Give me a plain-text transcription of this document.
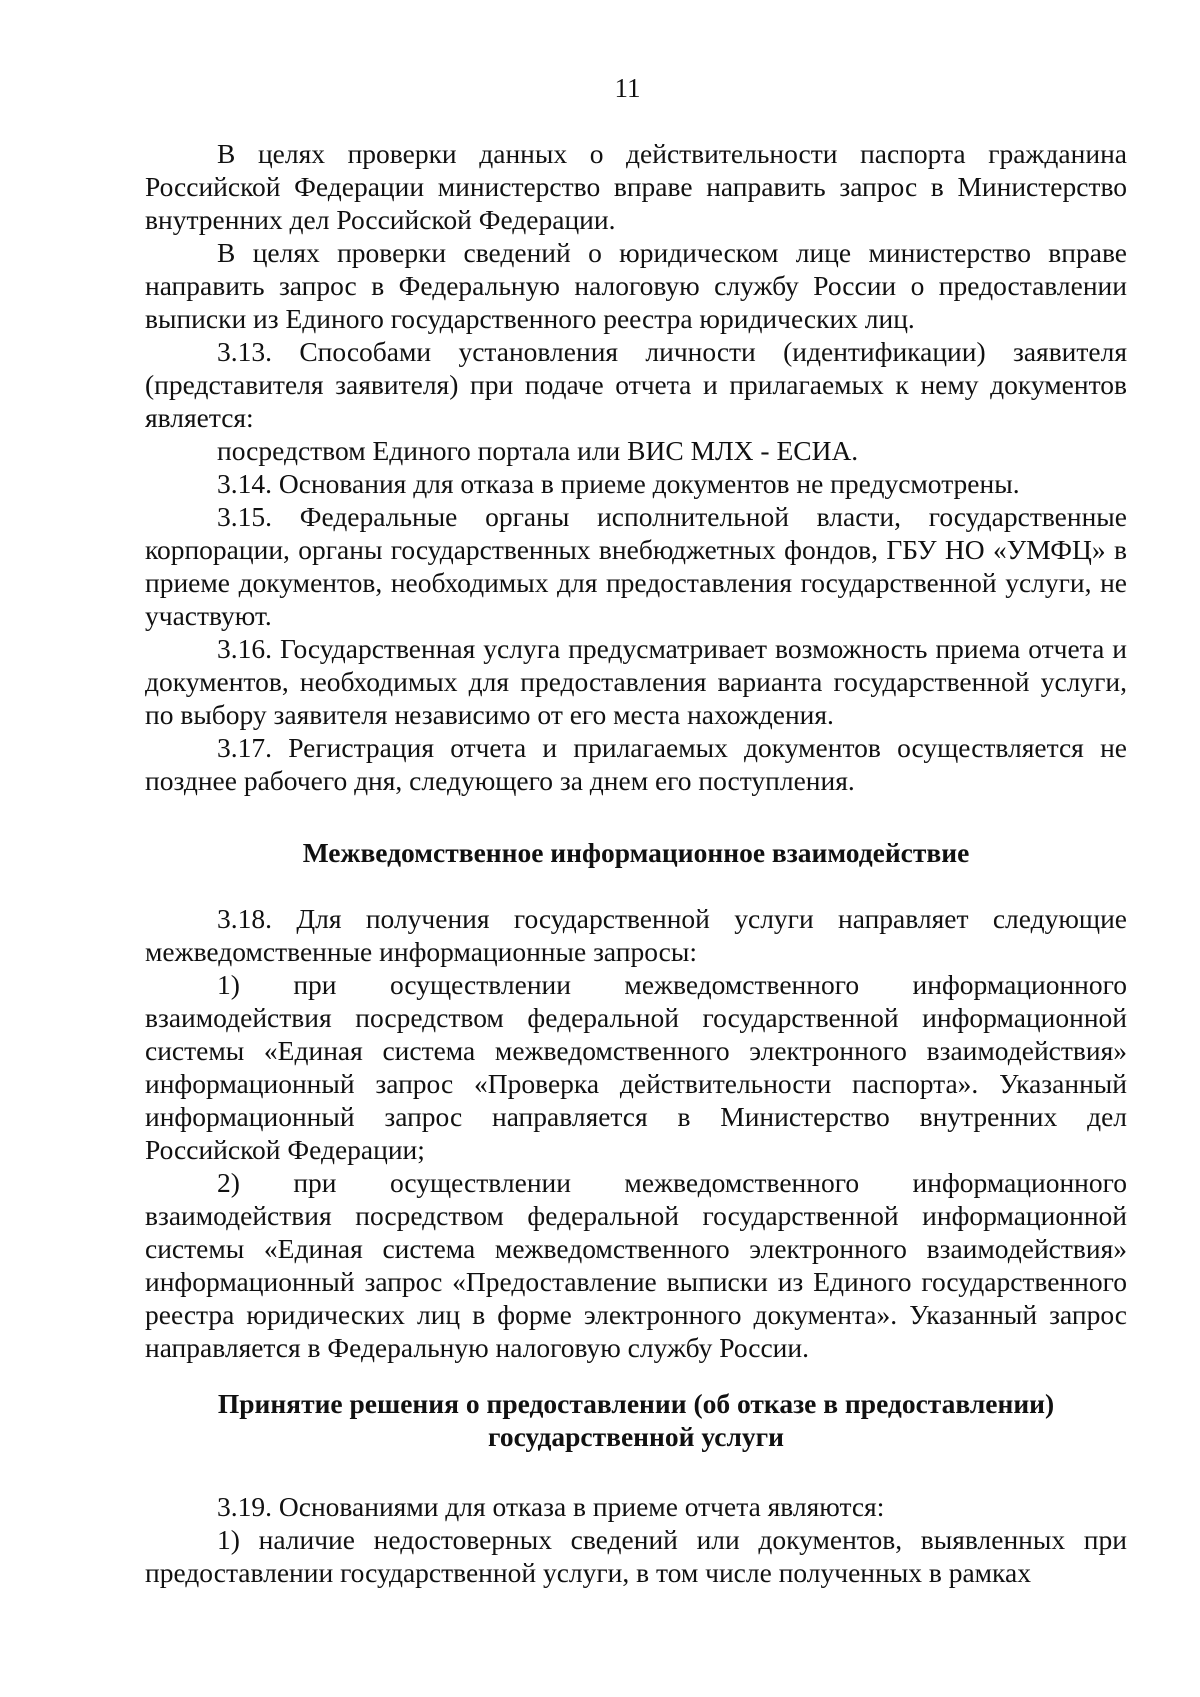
11

В целях проверки данных о действительности паспорта гражданина Российской Федерации министерство вправе направить запрос в Министерство внутренних дел Российской Федерации.

В целях проверки сведений о юридическом лице министерство вправе направить запрос в Федеральную налоговую службу России о предоставлении выписки из Единого государственного реестра юридических лиц.

3.13. Способами установления личности (идентификации) заявителя (представителя заявителя) при подаче отчета и прилагаемых к нему документов является:

посредством Единого портала или ВИС МЛХ - ЕСИА.

3.14. Основания для отказа в приеме документов не предусмотрены.

3.15. Федеральные органы исполнительной власти, государственные корпорации, органы государственных внебюджетных фондов, ГБУ НО «УМФЦ» в приеме документов, необходимых для предоставления государственной услуги, не участвуют.

3.16. Государственная услуга предусматривает возможность приема отчета и документов, необходимых для предоставления варианта государственной услуги, по выбору заявителя независимо от его места нахождения.

3.17. Регистрация отчета и прилагаемых документов осуществляется не позднее рабочего дня, следующего за днем его поступления.

Межведомственное информационное взаимодействие

3.18. Для получения государственной услуги направляет следующие межведомственные информационные запросы:

1) при осуществлении межведомственного информационного взаимодействия посредством федеральной государственной информационной системы «Единая система межведомственного электронного взаимодействия» информационный запрос «Проверка действительности паспорта». Указанный информационный запрос направляется в Министерство внутренних дел Российской Федерации;

2) при осуществлении межведомственного информационного взаимодействия посредством федеральной государственной информационной системы «Единая система межведомственного электронного взаимодействия» информационный запрос «Предоставление выписки из Единого государственного реестра юридических лиц в форме электронного документа». Указанный запрос направляется в Федеральную налоговую службу России.

Принятие решения о предоставлении (об отказе в предоставлении)

государственной услуги

3.19. Основаниями для отказа в приеме отчета являются:

1) наличие недостоверных сведений или документов, выявленных при предоставлении государственной услуги, в том числе полученных в рамках
